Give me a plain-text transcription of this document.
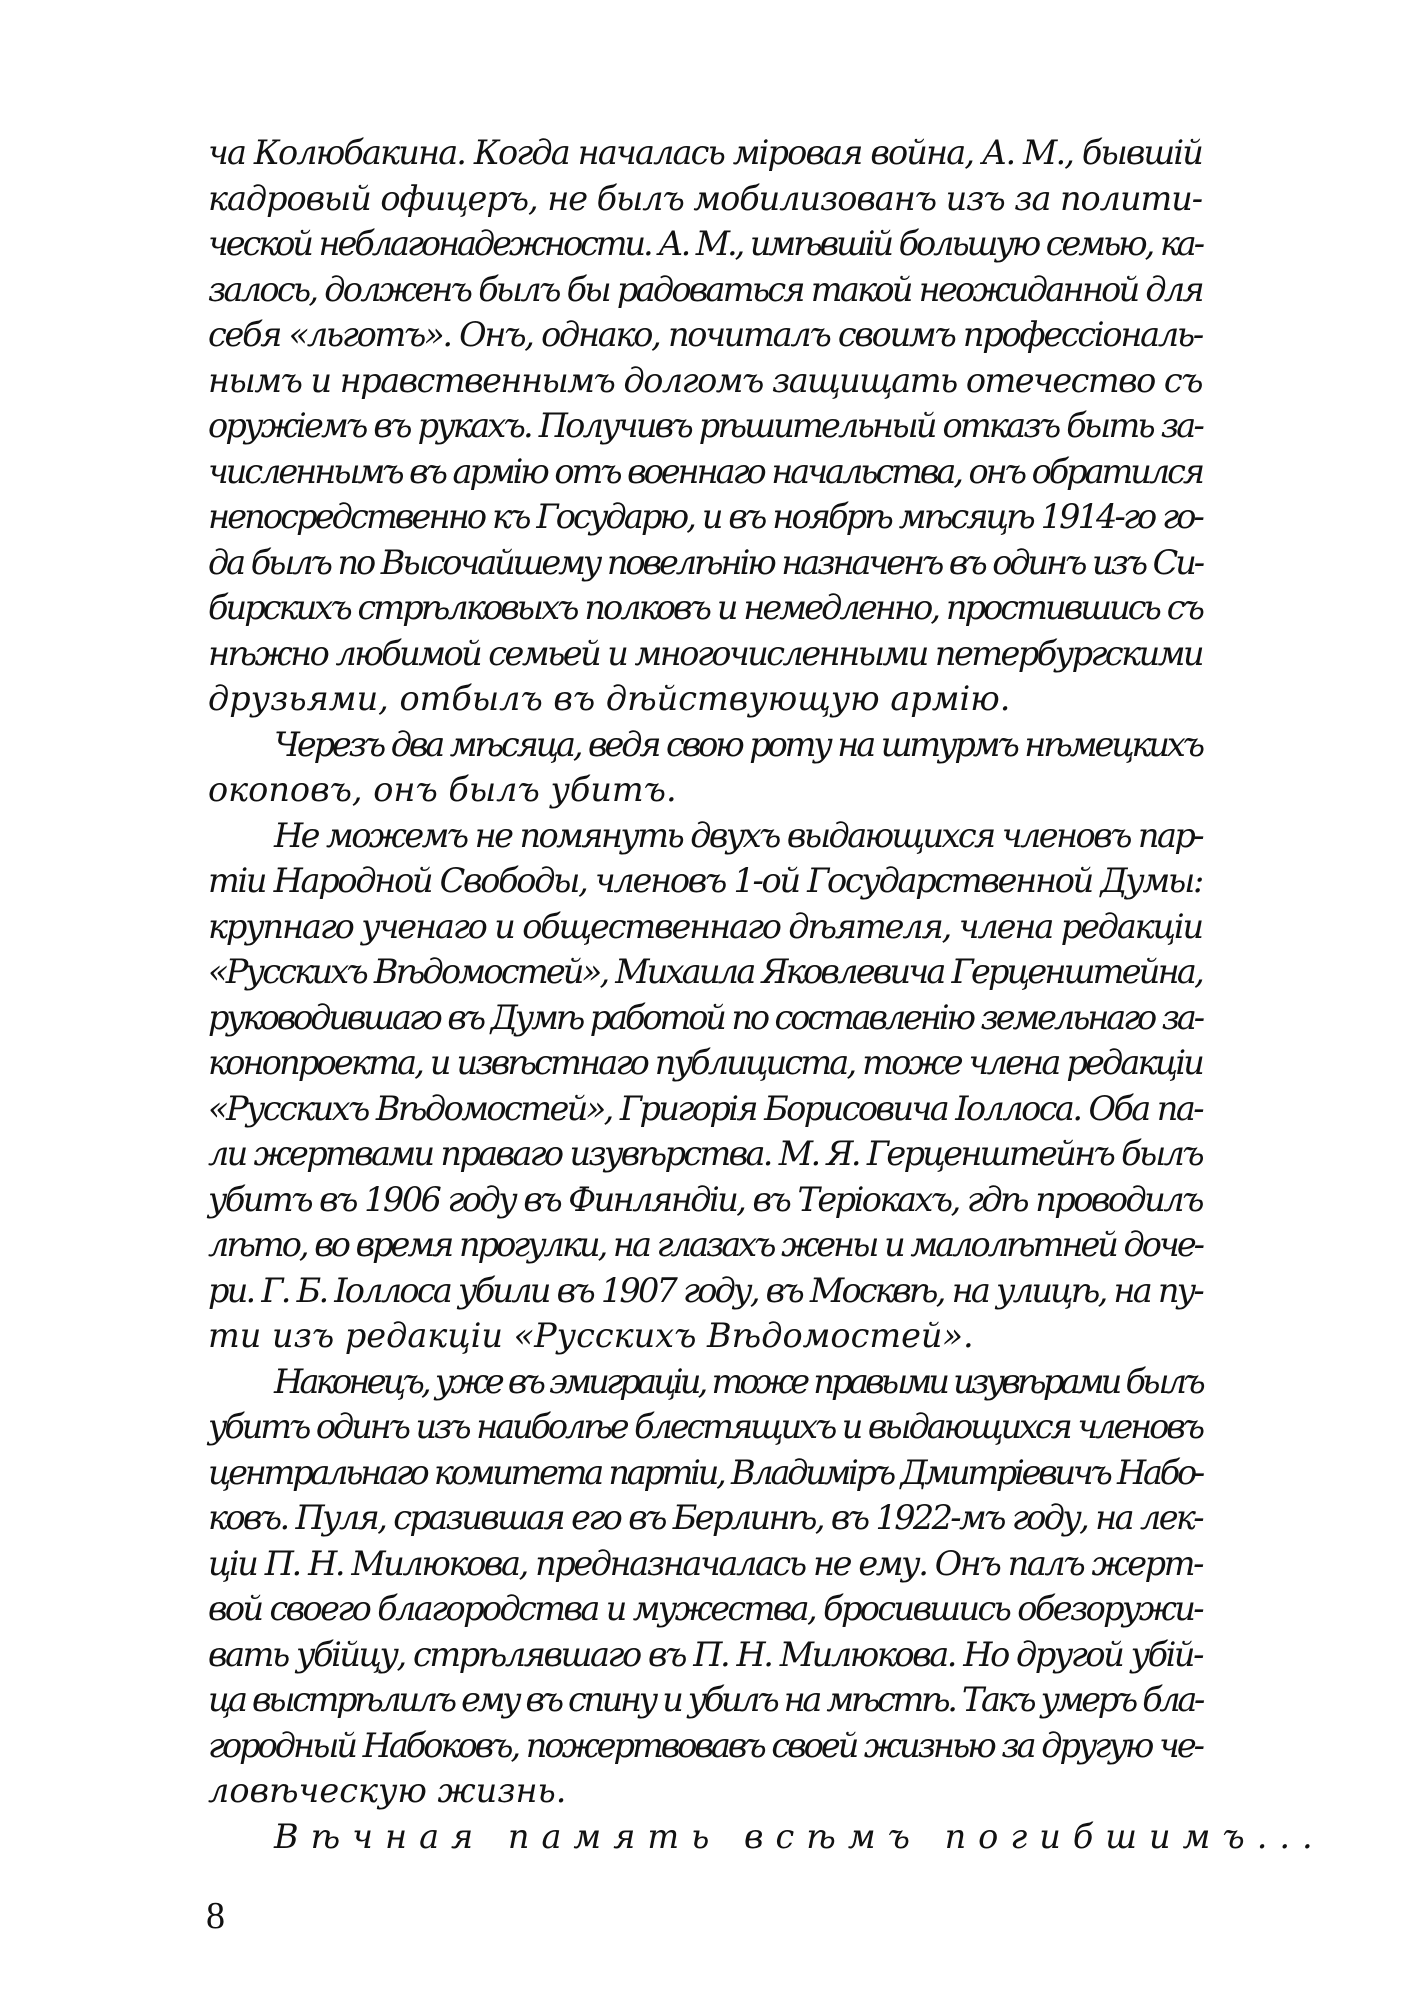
ча Колюбакина. Когда началась міровая война, А. М., бывшій
кадровый офицеръ, не былъ мобилизованъ изъ за полити-
ческой неблагонадежности. А. М., имѣвшій большую семью, ка-
залось, долженъ былъ бы радоваться такой неожиданной для
себя «льготъ». Онъ, однако, почиталъ своимъ профессіональ-
нымъ и нравственнымъ долгомъ защищать отечество съ
оружіемъ въ рукахъ. Получивъ рѣшительный отказъ быть за-
численнымъ въ армію отъ военнаго начальства, онъ обратился
непосредственно къ Государю, и въ ноябрѣ мѣсяцѣ 1914-го го-
да былъ по Высочайшему повелѣнію назначенъ въ одинъ изъ Си-
бирскихъ стрѣлковыхъ полковъ и немедленно, простившись съ
нѣжно любимой семьей и многочисленными петербургскими
друзьями, отбылъ въ дѣйствующую армію.
Черезъ два мѣсяца, ведя свою роту на штурмъ нѣмецкихъ
окоповъ, онъ былъ убитъ.
Не можемъ не помянуть двухъ выдающихся членовъ пар-
тіи Народной Свободы, членовъ 1-ой Государственной Думы:
крупнаго ученаго и общественнаго дѣятеля, члена редакціи
«Русскихъ Вѣдомостей», Михаила Яковлевича Герценштейна,
руководившаго въ Думѣ работой по составленію земельнаго за-
конопроекта, и извѣстнаго публициста, тоже члена редакціи
«Русскихъ Вѣдомостей», Григорія Борисовича Іоллоса. Оба па-
ли жертвами праваго изувѣрства. М. Я. Герценштейнъ былъ
убитъ въ 1906 году въ Финляндіи, въ Теріокахъ, гдѣ проводилъ
лѣто, во время прогулки, на глазахъ жены и малолѣтней доче-
ри. Г. Б. Іоллоса убили въ 1907 году, въ Москвѣ, на улицѣ, на пу-
ти изъ редакціи «Русскихъ Вѣдомостей».
Наконецъ, уже въ эмиграціи, тоже правыми изувѣрами былъ
убитъ одинъ изъ наиболѣе блестящихъ и выдающихся членовъ
центральнаго комитета партіи, Владиміръ Дмитріевичъ Набо-
ковъ. Пуля, сразившая его въ Берлинѣ, въ 1922-мъ году, на лек-
ціи П. Н. Милюкова, предназначалась не ему. Онъ палъ жерт-
вой своего благородства и мужества, бросившись обезоружи-
вать убійцу, стрѣлявшаго въ П. Н. Милюкова. Но другой убій-
ца выстрѣлилъ ему въ спину и убилъ на мѣстѣ. Такъ умеръ бла-
городный Набоковъ, пожертвовавъ своей жизнью за другую че-
ловѣческую жизнь.
Вѣчная память всѣмъ погибшимъ...
8
